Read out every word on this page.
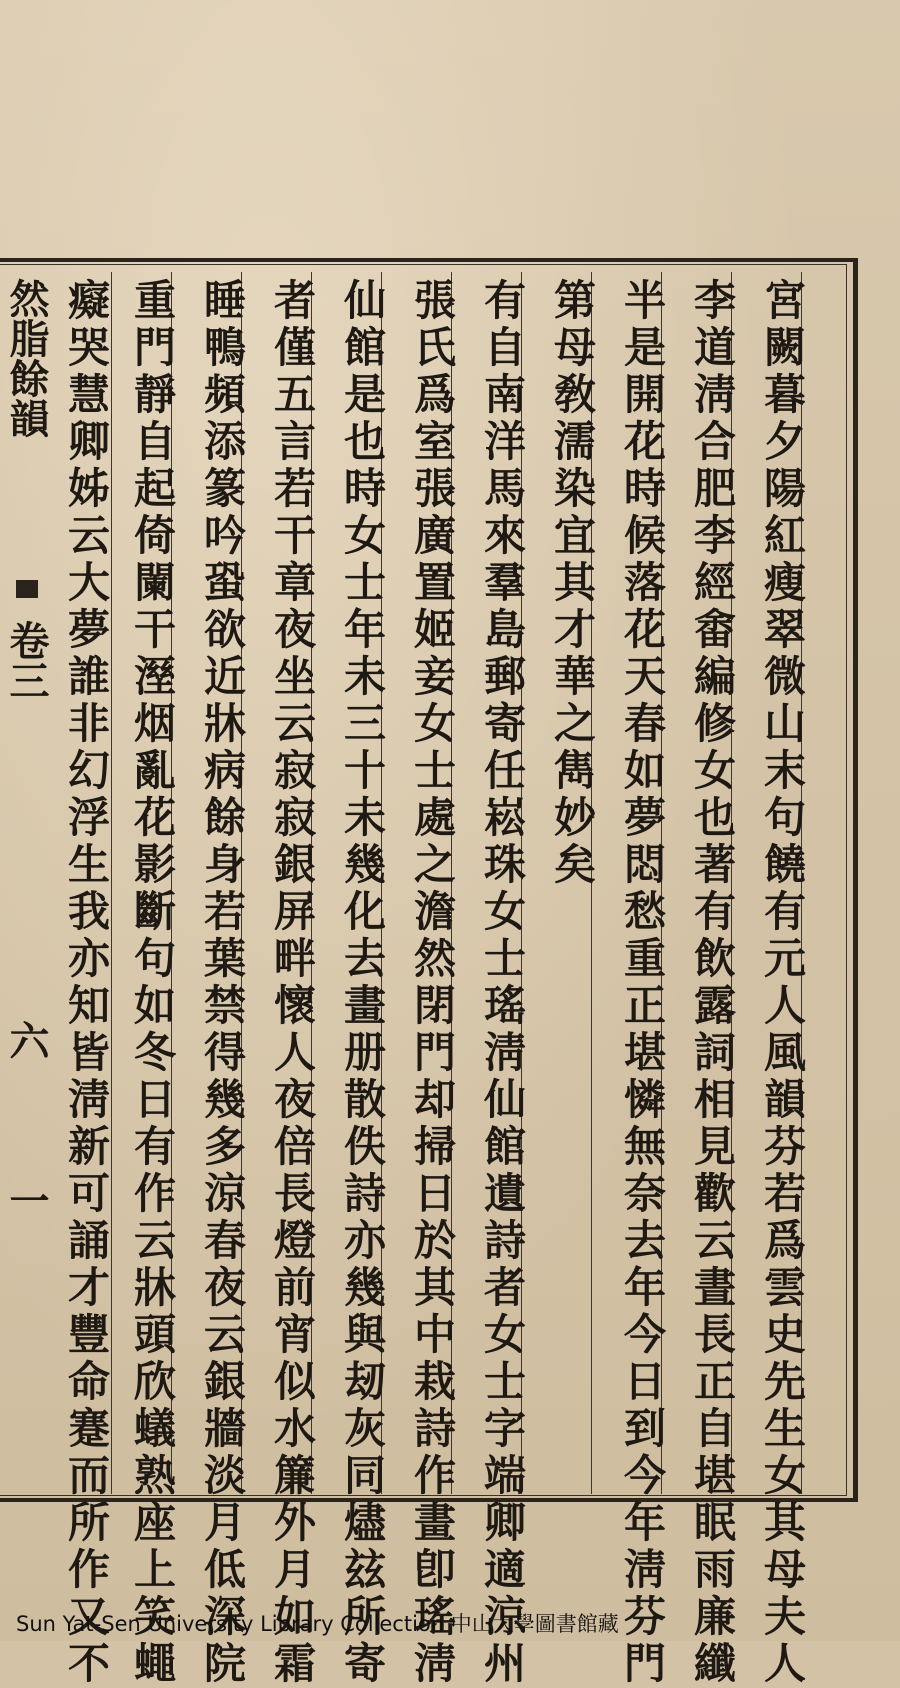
然脂餘韻
卷三
六
一	宮闕暮夕陽紅瘦翠微山末句饒有元人風韻芬若爲雲史先生女其母夫人
李道淸合肥李經畬編修女也著有飲露詞相見歡云晝長正自堪眠雨廉纖
半是開花時候落花天春如夢悶愁重正堪憐無奈去年今日到今年淸芬門
第母敎濡染宜其才華之雋妙矣
有自南洋馬來羣島郵寄任崧珠女士瑤淸仙館遺詩者女士字端卿適涼州
張氏爲室張廣置姬妾女士處之澹然閉門却掃日於其中栽詩作畫卽瑤淸
仙館是也時女士年未三十未幾化去畫册散佚詩亦幾與刼灰同燼玆所寄
者僅五言若干章夜坐云寂寂銀屏畔懷人夜倍長燈前宵似水簾外月如霜
睡鴨頻添篆吟蛩欲近牀病餘身若葉禁得幾多涼春夜云銀牆淡月低深院
重門靜自起倚闌干溼烟亂花影斷句如冬日有作云牀頭欣蟻熟座上笑蠅
癡哭慧卿姊云大夢誰非幻浮生我亦知皆淸新可誦才豐命蹇而所作又不
Sun Yat-Sen University Library Collection 中山大學圖書館藏
